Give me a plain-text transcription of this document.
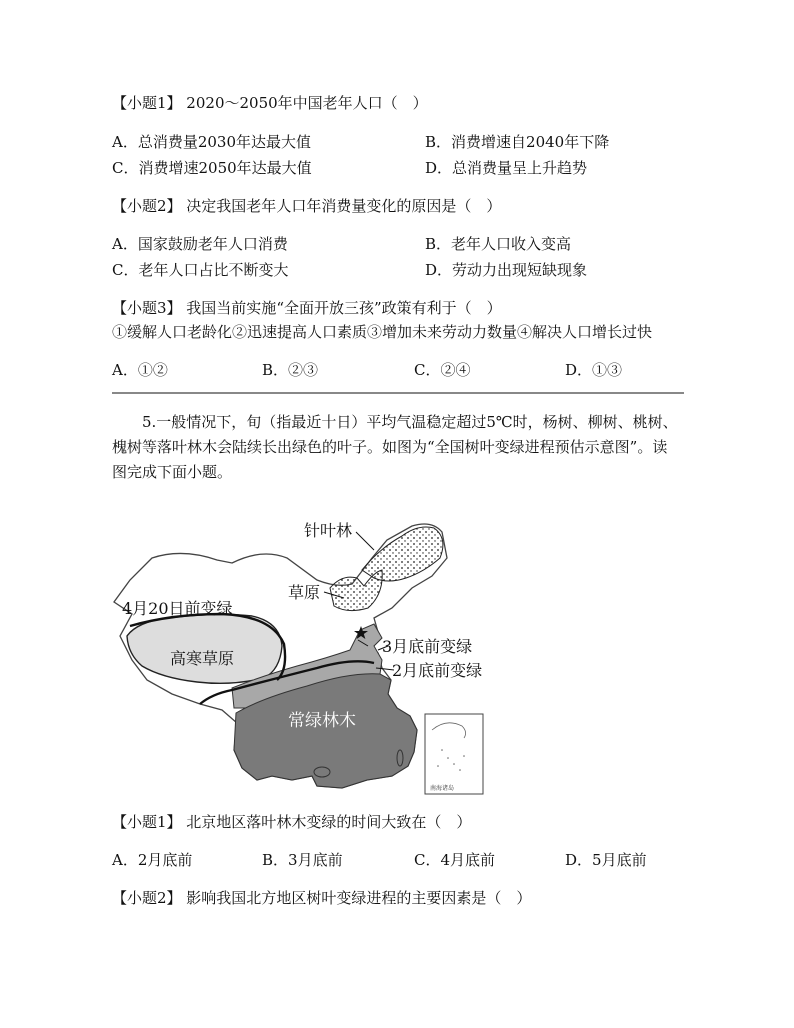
【小题1】 2020～2050年中国老年人口（　）
A．总消费量2030年达最大值	B．消费增速自2040年下降
C．消费增速2050年达最大值	D．总消费量呈上升趋势
【小题2】 决定我国老年人口年消费量变化的原因是（　）
A．国家鼓励老年人口消费	B．老年人口收入变高
C．老年人口占比不断变大	D．劳动力出现短缺现象
【小题3】 我国当前实施“全面开放三孩”政策有利于（　）
①缓解人口老龄化②迅速提高人口素质③增加未来劳动力数量④解决人口增长过快
A．①②	B．②③	C．②④	D．①③
5.一般情况下，旬（指最近十日）平均气温稳定超过5℃时，杨树、柳树、桃树、
槐树等落叶林木会陆续长出绿色的叶子。如图为“全国树叶变绿进程预估示意图”。读
图完成下面小题。
针叶林
草原
4月20日前变绿
高寒草原
3月底前变绿
2月底前变绿
常绿林木
北京
南海诸岛
【小题1】 北京地区落叶林木变绿的时间大致在（　）
A．2月底前	B．3月底前	C．4月底前	D．5月底前
【小题2】 影响我国北方地区树叶变绿进程的主要因素是（　）
